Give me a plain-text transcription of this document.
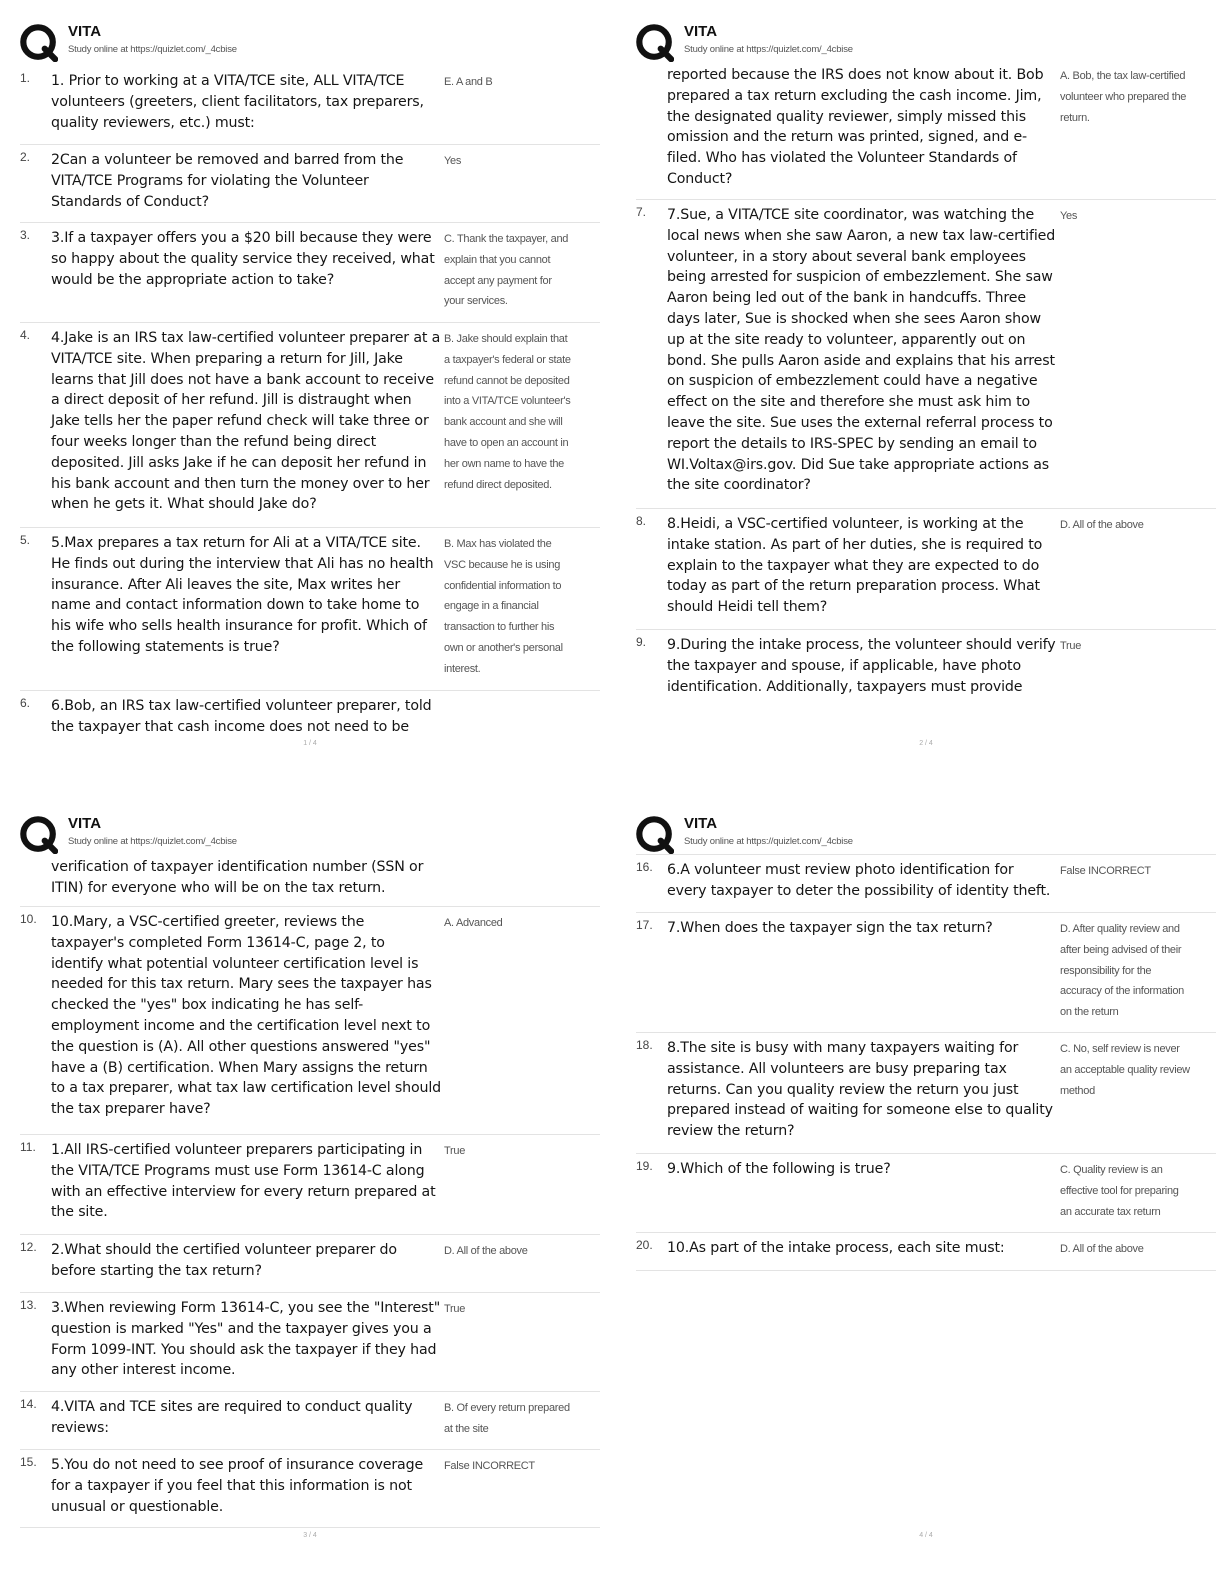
VITA
Study online at https://quizlet.com/_4cbise
1.	1. Prior to working at a VITA/TCE site, ALL VITA/TCE volunteers (greeters, client facilitators, tax preparers, quality reviewers, etc.) must:
E. A and B
2.	2Can a volunteer be removed and barred from the VITA/TCE Programs for violating the Volunteer Standards of Conduct?
Yes
3.	3.If a taxpayer offers you a $20 bill because they were so happy about the quality service they received, what would be the appropriate action to take?
C. Thank the taxpayer, and explain that you cannot accept any payment for your services.
4.	4.Jake is an IRS tax law-certified volunteer preparer at a VITA/TCE site. When preparing a return for Jill, Jake learns that Jill does not have a bank account to receive a direct deposit of her refund. Jill is distraught when Jake tells her the paper refund check will take three or four weeks longer than the refund being direct deposited. Jill asks Jake if he can deposit her refund in his bank account and then turn the money over to her when he gets it. What should Jake do?
B. Jake should explain that a taxpayer's federal or state refund cannot be deposited into a VITA/TCE volunteer's bank account and she will have to open an account in her own name to have the refund direct deposited.
5.	5.Max prepares a tax return for Ali at a VITA/TCE site. He finds out during the interview that Ali has no health insurance. After Ali leaves the site, Max writes her name and contact information down to take home to his wife who sells health insurance for profit. Which of the following statements is true?
B. Max has violated the VSC because he is using confidential information to engage in a financial transaction to further his own or another's personal interest.
6.	6.Bob, an IRS tax law-certified volunteer preparer, told the taxpayer that cash income does not need to be
1 / 4
VITA
Study online at https://quizlet.com/_4cbise
reported because the IRS does not know about it. Bob prepared a tax return excluding the cash income. Jim, the designated quality reviewer, simply missed this omission and the return was printed, signed, and e-filed. Who has violated the Volunteer Standards of Conduct?
A. Bob, the tax law-certified volunteer who prepared the return.
7.	7.Sue, a VITA/TCE site coordinator, was watching the local news when she saw Aaron, a new tax law-certified volunteer, in a story about several bank employees being arrested for suspicion of embezzlement. She saw Aaron being led out of the bank in handcuffs. Three days later, Sue is shocked when she sees Aaron show up at the site ready to volunteer, apparently out on bond. She pulls Aaron aside and explains that his arrest on suspicion of embezzlement could have a negative effect on the site and therefore she must ask him to leave the site. Sue uses the external referral process to report the details to IRS-SPEC by sending an email to WI.Voltax@irs.gov. Did Sue take appropriate actions as the site coordinator?
Yes
8.	8.Heidi, a VSC-certified volunteer, is working at the intake station. As part of her duties, she is required to explain to the taxpayer what they are expected to do today as part of the return preparation process. What should Heidi tell them?
D. All of the above
9.	9.During the intake process, the volunteer should verify the taxpayer and spouse, if applicable, have photo identification. Additionally, taxpayers must provide
True
2 / 4
VITA
Study online at https://quizlet.com/_4cbise
verification of taxpayer identification number (SSN or ITIN) for everyone who will be on the tax return.
10.	10.Mary, a VSC-certified greeter, reviews the taxpayer's completed Form 13614-C, page 2, to identify what potential volunteer certification level is needed for this tax return. Mary sees the taxpayer has checked the "yes" box indicating he has self-employment income and the certification level next to the question is (A). All other questions answered "yes" have a (B) certification. When Mary assigns the return to a tax preparer, what tax law certification level should the tax preparer have?
A. Advanced
11.	1.All IRS-certified volunteer preparers participating in the VITA/TCE Programs must use Form 13614-C along with an effective interview for every return prepared at the site.
True
12.	2.What should the certified volunteer preparer do before starting the tax return?
D. All of the above
13.	3.When reviewing Form 13614-C, you see the "Interest" question is marked "Yes" and the taxpayer gives you a Form 1099-INT. You should ask the taxpayer if they had any other interest income.
True
14.	4.VITA and TCE sites are required to conduct quality reviews:
B. Of every return prepared at the site
15.	5.You do not need to see proof of insurance coverage for a taxpayer if you feel that this information is not unusual or questionable.
False INCORRECT
3 / 4
VITA
Study online at https://quizlet.com/_4cbise
16.	6.A volunteer must review photo identification for every taxpayer to deter the possibility of identity theft.
False INCORRECT
17.	7.When does the taxpayer sign the tax return?	D. After quality review and after being advised of their responsibility for the accuracy of the information on the return
18.	8.The site is busy with many taxpayers waiting for assistance. All volunteers are busy preparing tax returns. Can you quality review the return you just prepared instead of waiting for someone else to quality review the return?
C. No, self review is never an acceptable quality review method
19.	9.Which of the following is true?	C. Quality review is an effective tool for preparing an accurate tax return
20.	10.As part of the intake process, each site must:	D. All of the above
4 / 4
